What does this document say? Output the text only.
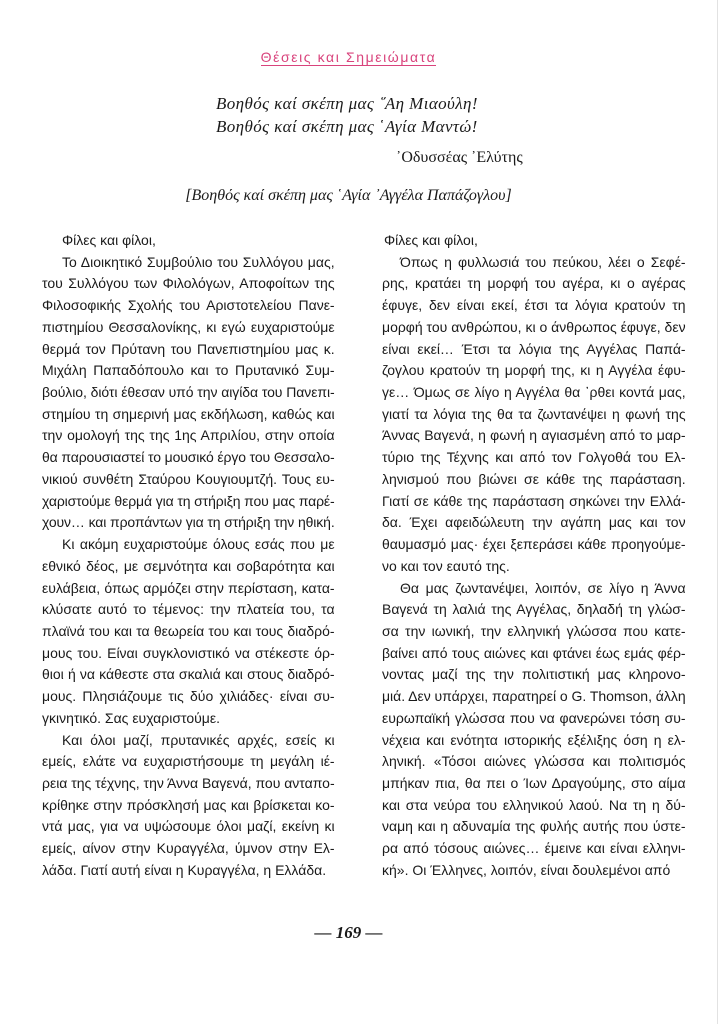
Θέσεις και Σημειώματα
Βοηθός καί σκέπη μας ῞Αη Μιαούλη!
Βοηθός καί σκέπη μας ῾Αγία Μαντώ!
᾽Οδυσσέας ᾽Ελύτης
[Βοηθός καί σκέπη μας ῾Αγία ᾽Αγγέλα Παπάζογλου]
Φίλες και φίλοι,
Το Διοικητικό Συμβούλιο του Συλλόγου μας,
του Συλλόγου των Φιλολόγων, Αποφοίτων της
Φιλοσοφικής Σχολής του Αριστοτελείου Πανε-
πιστημίου Θεσσαλονίκης, κι εγώ ευχαριστούμε
θερμά τον Πρύτανη του Πανεπιστημίου μας κ.
Μιχάλη Παπαδόπουλο και το Πρυτανικό Συμ-
βούλιο, διότι έθεσαν υπό την αιγίδα του Πανεπι-
στημίου τη σημερινή μας εκδήλωση, καθώς και
την ομολογή της της 1ης Απριλίου, στην οποία
θα παρουσιαστεί το μουσικό έργο του Θεσσαλο-
νικιού συνθέτη Σταύρου Κουγιουμτζή. Τους ευ-
χαριστούμε θερμά για τη στήριξη που μας παρέ-
χουν… και προπάντων για τη στήριξη την ηθική.
Κι ακόμη ευχαριστούμε όλους εσάς που με
εθνικό δέος, με σεμνότητα και σοβαρότητα και
ευλάβεια, όπως αρμόζει στην περίσταση, κατα-
κλύσατε αυτό το τέμενος: την πλατεία του, τα
πλαϊνά του και τα θεωρεία του και τους διαδρό-
μους του. Είναι συγκλονιστικό να στέκεστε όρ-
θιοι ή να κάθεστε στα σκαλιά και στους διαδρό-
μους. Πλησιάζουμε τις δύο χιλιάδες· είναι συ-
γκινητικό. Σας ευχαριστούμε.
Και όλοι μαζί, πρυτανικές αρχές, εσείς κι
εμείς, ελάτε να ευχαριστήσουμε τη μεγάλη ιέ-
ρεια της τέχνης, την Άννα Βαγενά, που ανταπο-
κρίθηκε στην πρόσκλησή μας και βρίσκεται κο-
ντά μας, για να υψώσουμε όλοι μαζί, εκείνη κι
εμείς, αίνον στην Κυραγγέλα, ύμνον στην Ελ-
λάδα. Γιατί αυτή είναι η Κυραγγέλα, η Ελλάδα.
Φίλες και φίλοι,
Όπως η φυλλωσιά του πεύκου, λέει ο Σεφέ-
ρης, κρατάει τη μορφή του αγέρα, κι ο αγέρας
έφυγε, δεν είναι εκεί, έτσι τα λόγια κρατούν τη
μορφή του ανθρώπου, κι ο άνθρωπος έφυγε, δεν
είναι εκεί… Έτσι τα λόγια της Αγγέλας Παπά-
ζογλου κρατούν τη μορφή της, κι η Αγγέλα έφυ-
γε… Όμως σε λίγο η Αγγέλα θα ᾽ρθει κοντά μας,
γιατί τα λόγια της θα τα ζωντανέψει η φωνή της
Άννας Βαγενά, η φωνή η αγιασμένη από το μαρ-
τύριο της Τέχνης και από τον Γολγοθά του Ελ-
ληνισμού που βιώνει σε κάθε της παράσταση.
Γιατί σε κάθε της παράσταση σηκώνει την Ελλά-
δα. Έχει αφειδώλευτη την αγάπη μας και τον
θαυμασμό μας· έχει ξεπεράσει κάθε προηγούμε-
νο και τον εαυτό της.
Θα μας ζωντανέψει, λοιπόν, σε λίγο η Άννα
Βαγενά τη λαλιά της Αγγέλας, δηλαδή τη γλώσ-
σα την ιωνική, την ελληνική γλώσσα που κατε-
βαίνει από τους αιώνες και φτάνει έως εμάς φέρ-
νοντας μαζί της την πολιτιστική μας κληρονο-
μιά. Δεν υπάρχει, παρατηρεί ο G. Thomson, άλλη
ευρωπαϊκή γλώσσα που να φανερώνει τόση συ-
νέχεια και ενότητα ιστορικής εξέλιξης όση η ελ-
ληνική. «Τόσοι αιώνες γλώσσα και πολιτισμός
μπήκαν πια, θα πει ο Ίων Δραγούμης, στο αίμα
και στα νεύρα του ελληνικού λαού. Να τη η δύ-
ναμη και η αδυναμία της φυλής αυτής που ύστε-
ρα από τόσους αιώνες… έμεινε και είναι ελληνι-
κή». Οι Έλληνες, λοιπόν, είναι δουλεμένοι από
— 169 —
